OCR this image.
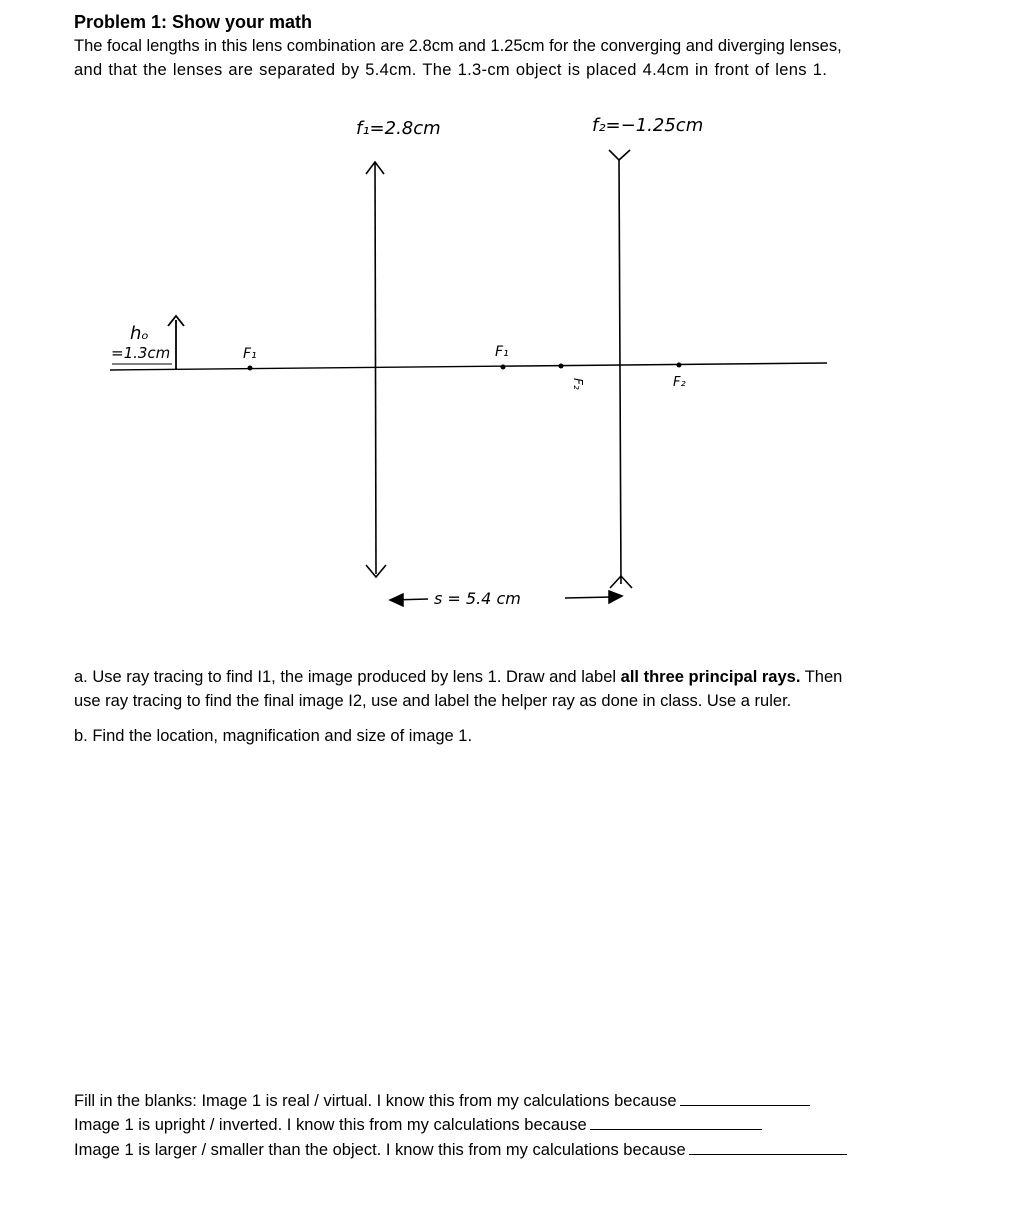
Problem 1: Show your math
The focal lengths in this lens combination are 2.8cm and 1.25cm for the converging and diverging lenses,
and that the lenses are separated by 5.4cm. The 1.3-cm object is placed 4.4cm in front of lens 1.
f₁=2.8cm	f₂=−1.25cm
hₒ
=1.3cm	F₁	F₁
F₂	F₂
s = 5.4 cm
a. Use ray tracing to find I1, the image produced by lens 1. Draw and label all three principal rays. Then
use ray tracing to find the final image I2, use and label the helper ray as done in class. Use a ruler.
b. Find the location, magnification and size of image 1.
Fill in the blanks: Image 1 is real / virtual. I know this from my calculations because
Image 1 is upright / inverted. I know this from my calculations because
Image 1 is larger / smaller than the object. I know this from my calculations because
